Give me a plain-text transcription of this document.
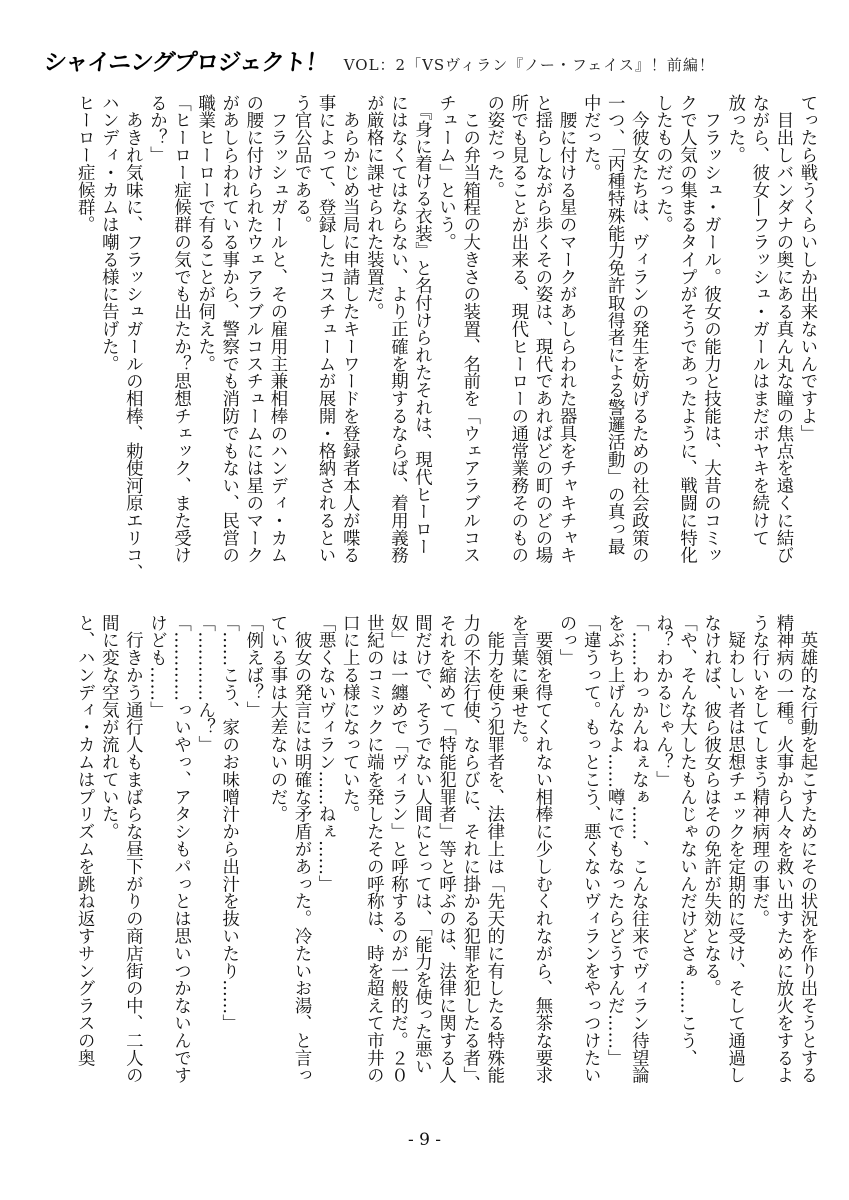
シャイニングプロジェクト！ VOL：2「VSヴィラン『ノー・フェイス』！前編！
てったら戦うくらいしか出来ないんですよ」
　目出しバンダナの奥にある真ん丸な瞳の焦点を遠くに結び
ながら、彼女―フラッシュ・ガールはまだボヤキを続けて
放った。
　フラッシュ・ガール。彼女の能力と技能は、大昔のコミッ
クで人気の集まるタイプがそうであったように、戦闘に特化
したものだった。
　今彼女たちは、ヴィランの発生を妨げるための社会政策の
一つ、「丙種特殊能力免許取得者による警邏活動」の真っ最
中だった。
　腰に付ける星のマークがあしらわれた器具をチャキチャキ
と揺らしながら歩くその姿は、現代であればどの町のどの場
所でも見ることが出来る、現代ヒーローの通常業務そのもの
の姿だった。
　この弁当箱程の大きさの装置、名前を「ウェアラブルコス
チューム」という。
　『身に着ける衣装』と名付けられたそれは、現代ヒーロー
にはなくてはならない、より正確を期するならば、着用義務
が厳格に課せられた装置だ。
　あらかじめ当局に申請したキーワードを登録者本人が喋る
事によって、登録したコスチュームが展開・格納されるとい
う官公品である。
　フラッシュガールと、その雇用主兼相棒のハンディ・カム
の腰に付けられたウェアラブルコスチュームには星のマーク
があしらわれている事から、警察でも消防でもない、民営の
職業ヒーローで有ることが伺えた。
「ヒーロー症候群の気でも出たか？思想チェック、また受け
るか？」
　あきれ気味に、フラッシュガールの相棒、勅使河原エリコ、
ハンディ・カムは嘲る様に告げた。
ヒーロー症候群。
　英雄的な行動を起こすためにその状況を作り出そうとする
精神病の一種。火事から人々を救い出すために放火をするよ
うな行いをしてしまう精神病理の事だ。
　疑わしい者は思想チェックを定期的に受け、そして通過し
なければ、彼ら彼女らはその免許が失効となる。
「や、そんな大したもんじゃないんだけどさぁ……こう、
ね？わかるじゃん？」
「……わっかんねぇなぁ……、こんな往来でヴィラン待望論
をぶち上げんなよ……噂にでもなったらどうすんだ……」
「違うって。もっとこう、悪くないヴィランをやっつけたい
のっ」
　要領を得てくれない相棒に少しむくれながら、無茶な要求
を言葉に乗せた。
　能力を使う犯罪者を、法律上は「先天的に有したる特殊能
力の不法行使、ならびに、それに掛かる犯罪を犯したる者」、
それを縮めて「特能犯罪者」等と呼ぶのは、法律に関する人
間だけで、そうでない人間にとっては、「能力を使った悪い
奴」は一纏めで「ヴィラン」と呼称するのが一般的だ。２０
世紀のコミックに端を発したその呼称は、時を超えて市井の
口に上る様になっていた。
「悪くないヴィラン……ねぇ……」
　彼女の発言には明確な矛盾があった。冷たいお湯、と言っ
ている事は大差ないのだ。
「例えば？」
「……こう、家のお味噌汁から出汁を抜いたり……」
「…………ん？」
「…………っいやっ、アタシもパっとは思いつかないんです
けども……」
　行きかう通行人もまばらな昼下がりの商店街の中、二人の
間に変な空気が流れていた。
と、ハンディ・カムはプリズムを跳ね返すサングラスの奥
- 9 -
